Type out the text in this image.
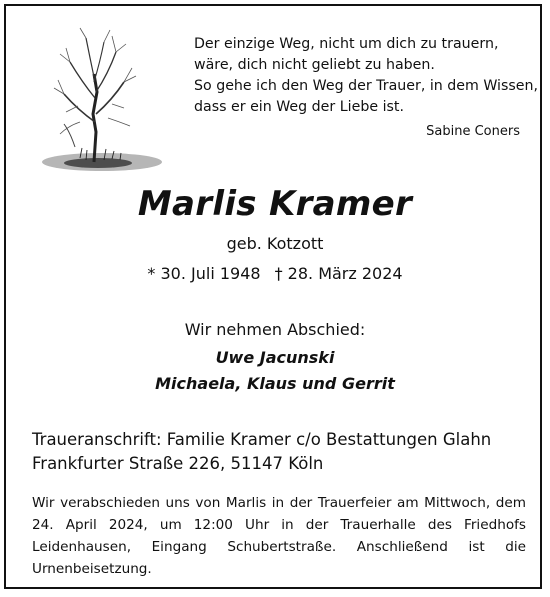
Der einzige Weg, nicht um dich zu trauern,
wäre, dich nicht geliebt zu haben.
So gehe ich den Weg der Trauer, in dem Wissen,
dass er ein Weg der Liebe ist.
Sabine Coners
Marlis Kramer
geb. Kotzott
* 30. Juli 1948 † 28. März 2024
Wir nehmen Abschied:
Uwe Jacunski
Michaela, Klaus und Gerrit
Traueranschrift: Familie Kramer c/o Bestattungen Glahn
Frankfurter Straße 226, 51147 Köln
Wir verabschieden uns von Marlis in der Trauerfeier am Mittwoch, dem 24. April 2024, um 12:00 Uhr in der Trauerhalle des Friedhofs Leidenhausen, Eingang Schubertstraße. Anschließend ist die Urnenbeisetzung.
